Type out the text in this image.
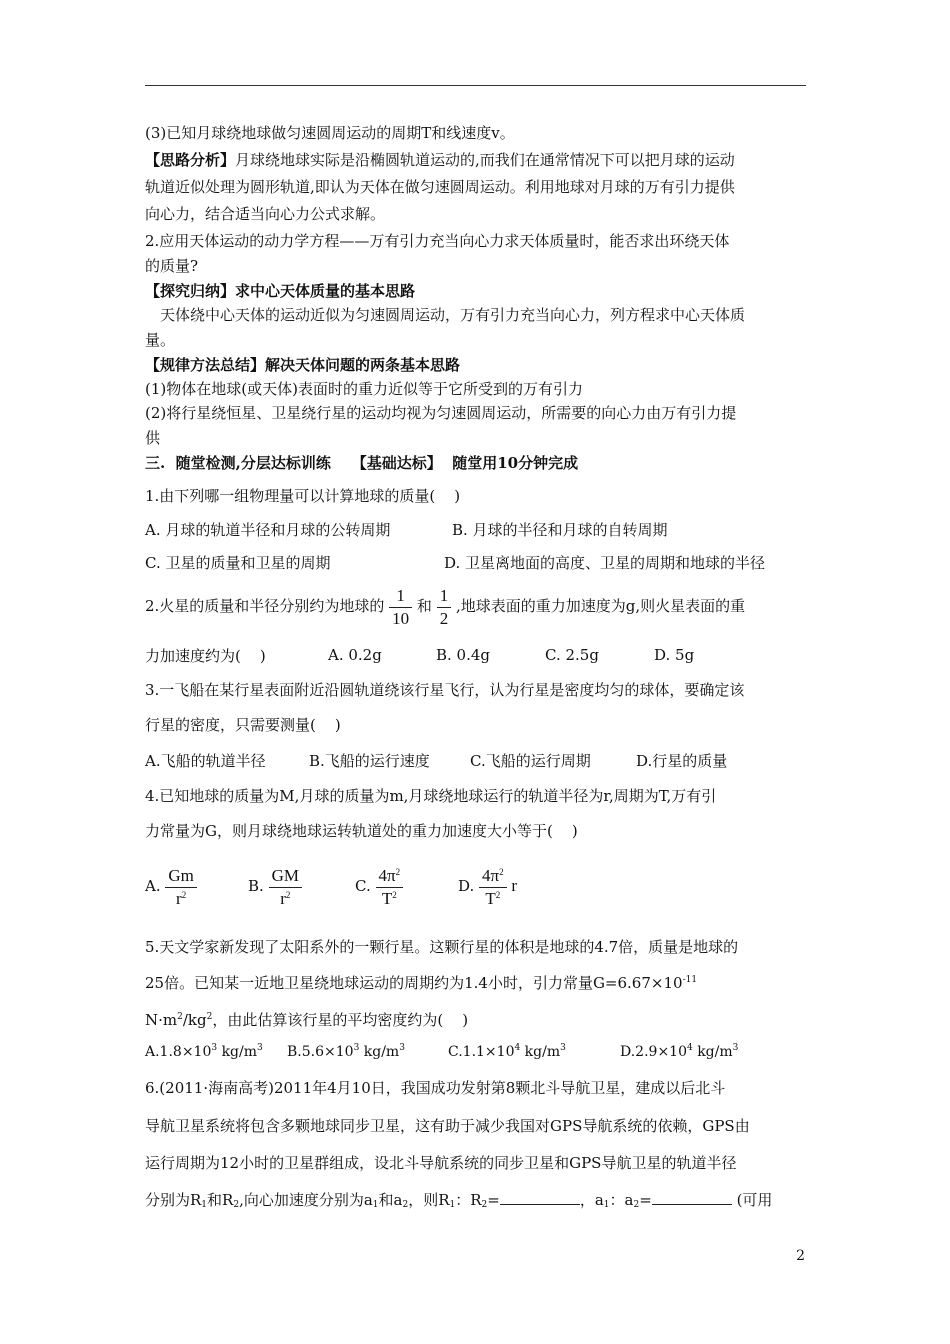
(3)已知月球绕地球做匀速圆周运动的周期T和线速度v。
【思路分析】月球绕地球实际是沿椭圆轨道运动的,而我们在通常情况下可以把月球的运动
轨道近似处理为圆形轨道,即认为天体在做匀速圆周运动。利用地球对月球的万有引力提供
向心力，结合适当向心力公式求解。
2.应用天体运动的动力学方程——万有引力充当向心力求天体质量时，能否求出环绕天体
的质量?
【探究归纳】求中心天体质量的基本思路
天体绕中心天体的运动近似为匀速圆周运动，万有引力充当向心力，列方程求中心天体质
量。
【规律方法总结】解决天体问题的两条基本思路
(1)物体在地球(或天体)表面时的重力近似等于它所受到的万有引力
(2)将行星绕恒星、卫星绕行星的运动均视为匀速圆周运动，所需要的向心力由万有引力提
供
三.  随堂检测,分层达标训练    【基础达标】  随堂用10分钟完成
1.由下列哪一组物理量可以计算地球的质量(    )
A. 月球的轨道半径和月球的公转周期	B. 月球的半径和月球的自转周期
C. 卫星的质量和卫星的周期	D. 卫星离地面的高度、卫星的周期和地球的半径
2.火星的质量和半径分别约为地球的 $\frac{1}{10}$ 和 $\frac{1}{2}$ ,地球表面的重力加速度为g,则火星表面的重
力加速度约为(    )	A. 0.2g	B. 0.4g	C. 2.5g	D. 5g
3.一飞船在某行星表面附近沿圆轨道绕该行星飞行，认为行星是密度均匀的球体，要确定该
行星的密度，只需要测量(    )
A.飞船的轨道半径	B.飞船的运行速度	C.飞船的运行周期	D.行星的质量
4.已知地球的质量为M,月球的质量为m,月球绕地球运行的轨道半径为r,周期为T,万有引
力常量为G，则月球绕地球运转轨道处的重力加速度大小等于(    )
A. $\frac{Gm}{r^2}$	B. $\frac{GM}{r^2}$	C. $\frac{4\pi^2}{T^2}$	D. $\frac{4\pi^2}{T^2}$ r
5.天文学家新发现了太阳系外的一颗行星。这颗行星的体积是地球的4.7倍，质量是地球的
25倍。已知某一近地卫星绕地球运动的周期约为1.4小时，引力常量$G=6.67\times 10^{-11}$
$N\cdot m^2/kg^2$，由此估算该行星的平均密度约为(    )
$A.1.8\times 10^3$ $kg/m^3$ $B.5.6\times 10^3$ $kg/m^3$	$C.1.1\times 10^4$ $kg/m^3$	$D.2.9\times 10^4$ $kg/m^3$
6.(2011·海南高考)2011年4月10日，我国成功发射第8颗北斗导航卫星，建成以后北斗
导航卫星系统将包含多颗地球同步卫星，这有助于减少我国对GPS导航系统的依赖，GPS由
运行周期为12小时的卫星群组成，设北斗导航系统的同步卫星和GPS导航卫星的轨道半径
分别为$R_1$和$R_2$,向心加速度分别为$a_1$和$a_2$，则$R_1$：$R_2=$	，$a_1$：$a_2=$	(可用
2
